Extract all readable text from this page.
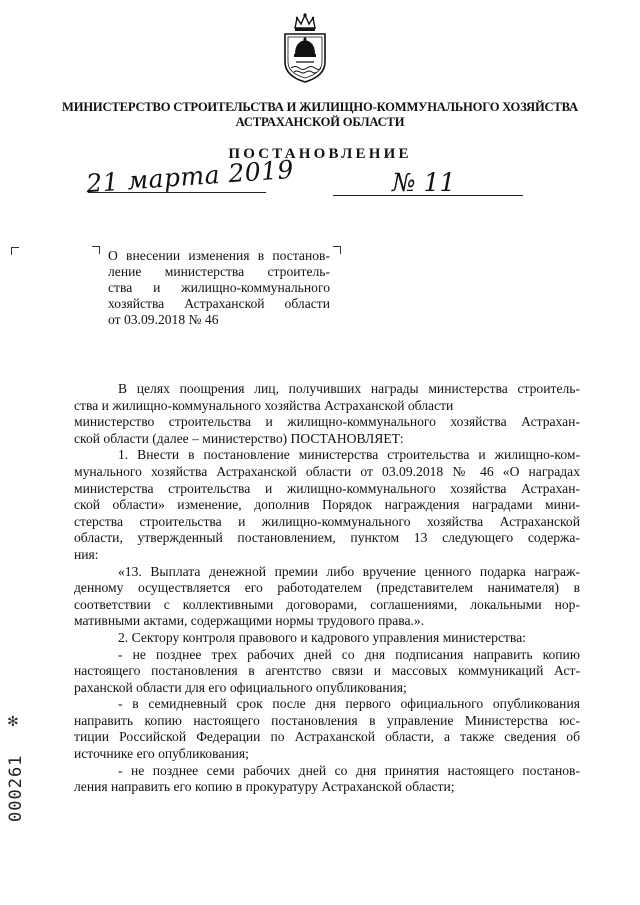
МИНИСТЕРСТВО СТРОИТЕЛЬСТВА И ЖИЛИЩНО-КОММУНАЛЬНОГО ХОЗЯЙСТВА
АСТРАХАНСКОЙ ОБЛАСТИ
ПОСТАНОВЛЕНИЕ
21 марта 2019	№ 11
О внесении изменения в постанов-
ление министерства строитель-
ства и жилищно-коммунального
хозяйства Астраханской области
от 03.09.2018 № 46
В целях поощрения лиц, получивших награды министерства строитель-
ства и жилищно-коммунального хозяйства Астраханской области
министерство строительства и жилищно-коммунального хозяйства Астрахан-
ской области (далее – министерство) ПОСТАНОВЛЯЕТ:
1. Внести в постановление министерства строительства и жилищно-ком-
мунального хозяйства Астраханской области от 03.09.2018 № 46 «О наградах
министерства строительства и жилищно-коммунального хозяйства Астрахан-
ской области» изменение, дополнив Порядок награждения наградами мини-
стерства строительства и жилищно-коммунального хозяйства Астраханской
области, утвержденный постановлением, пунктом 13 следующего содержа-
ния:
«13. Выплата денежной премии либо вручение ценного подарка награж-
денному осуществляется его работодателем (представителем нанимателя) в
соответствии с коллективными договорами, соглашениями, локальными нор-
мативными актами, содержащими нормы трудового права.».
2. Сектору контроля правового и кадрового управления министерства:
- не позднее трех рабочих дней со дня подписания направить копию
настоящего постановления в агентство связи и массовых коммуникаций Аст-
раханской области для его официального опубликования;
- в семидневный срок после дня первого официального опубликования
направить копию настоящего постановления в управление Министерства юс-
тиции Российской Федерации по Астраханской области, а также сведения об
источнике его опубликования;
- не позднее семи рабочих дней со дня принятия настоящего постанов-
ления направить его копию в прокуратуру Астраханской области;
✻
000261
